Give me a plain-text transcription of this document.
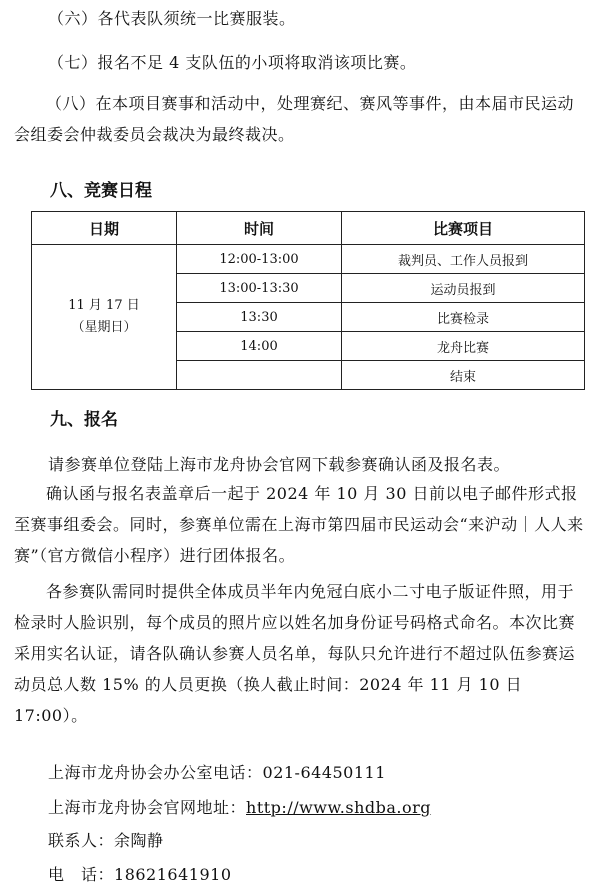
（六）各代表队须统一比赛服装。

（七）报名不足 4 支队伍的小项将取消该项比赛。

（八）在本项目赛事和活动中，处理赛纪、赛风等事件，由本届市民运动会组委会仲裁委员会裁决为最终裁决。

八、竞赛日程

日期	时间	比赛项目

11 月 17 日
（星期日）	12:00-13:00	裁判员、工作人员报到
	13:00-13:30	运动员报到
	13:30	比赛检录
	14:00	龙舟比赛
		结束

九、报名

请参赛单位登陆上海市龙舟协会官网下载参赛确认函及报名表。

确认函与报名表盖章后一起于 2024 年 10 月 30 日前以电子邮件形式报至赛事组委会。同时，参赛单位需在上海市第四届市民运动会“来沪动｜人人来赛”（官方微信小程序）进行团体报名。

各参赛队需同时提供全体成员半年内免冠白底小二寸电子版证件照，用于检录时人脸识别，每个成员的照片应以姓名加身份证号码格式命名。本次比赛采用实名认证，请各队确认参赛人员名单，每队只允许进行不超过队伍参赛运动员总人数 15% 的人员更换（换人截止时间：2024 年 11 月 10 日 17:00）。

上海市龙舟协会办公室电话：021-64450111

上海市龙舟协会官网地址：http://www.shdba.org

联系人：余陶静

电　话：18621641910
